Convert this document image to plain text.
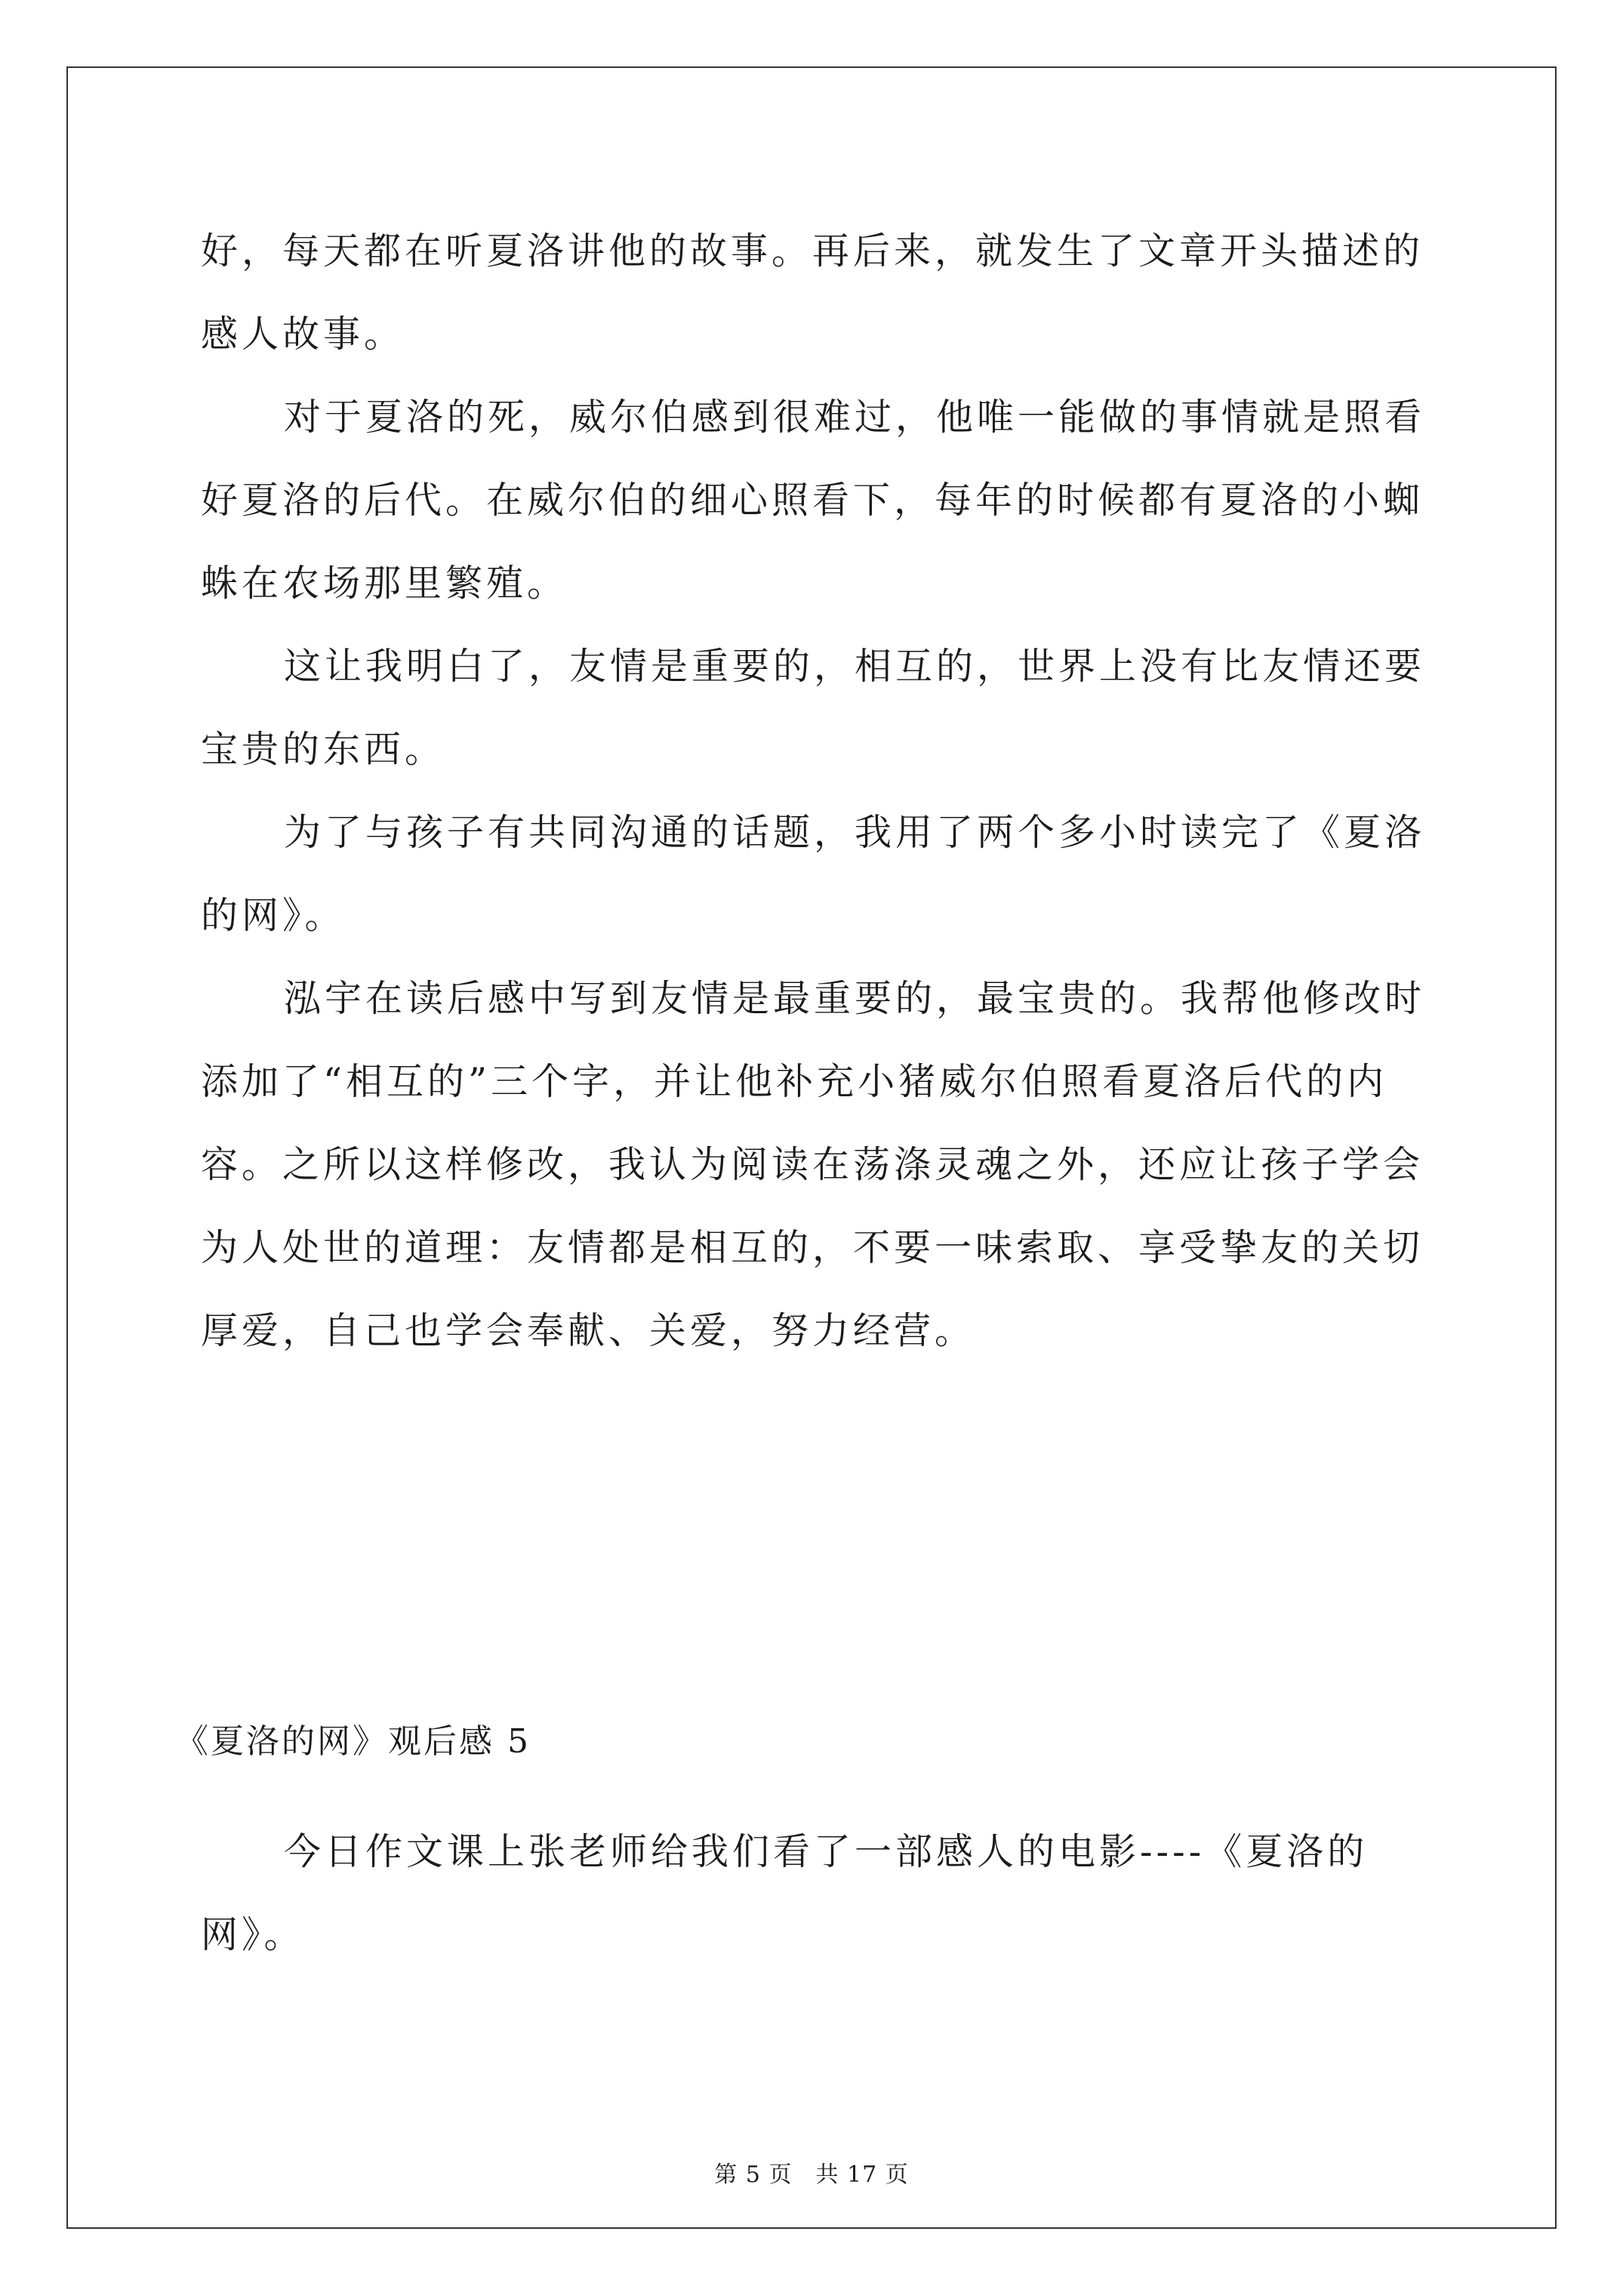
好，每天都在听夏洛讲他的故事。再后来，就发生了文章开头描述的
感人故事。
对于夏洛的死，威尔伯感到很难过，他唯一能做的事情就是照看
好夏洛的后代。在威尔伯的细心照看下，每年的时候都有夏洛的小蜘
蛛在农场那里繁殖。
这让我明白了，友情是重要的，相互的，世界上没有比友情还要
宝贵的东西。
为了与孩子有共同沟通的话题，我用了两个多小时读完了《夏洛
的网》。
泓宇在读后感中写到友情是最重要的，最宝贵的。我帮他修改时
添加了“相互的”三个字，并让他补充小猪威尔伯照看夏洛后代的内
容。之所以这样修改，我认为阅读在荡涤灵魂之外，还应让孩子学会
为人处世的道理：友情都是相互的，不要一味索取、享受挚友的关切
厚爱，自己也学会奉献、关爱，努力经营。
《夏洛的网》观后感 5
今日作文课上张老师给我们看了一部感人的电影----《夏洛的
网》。
第 5 页　共 17 页
